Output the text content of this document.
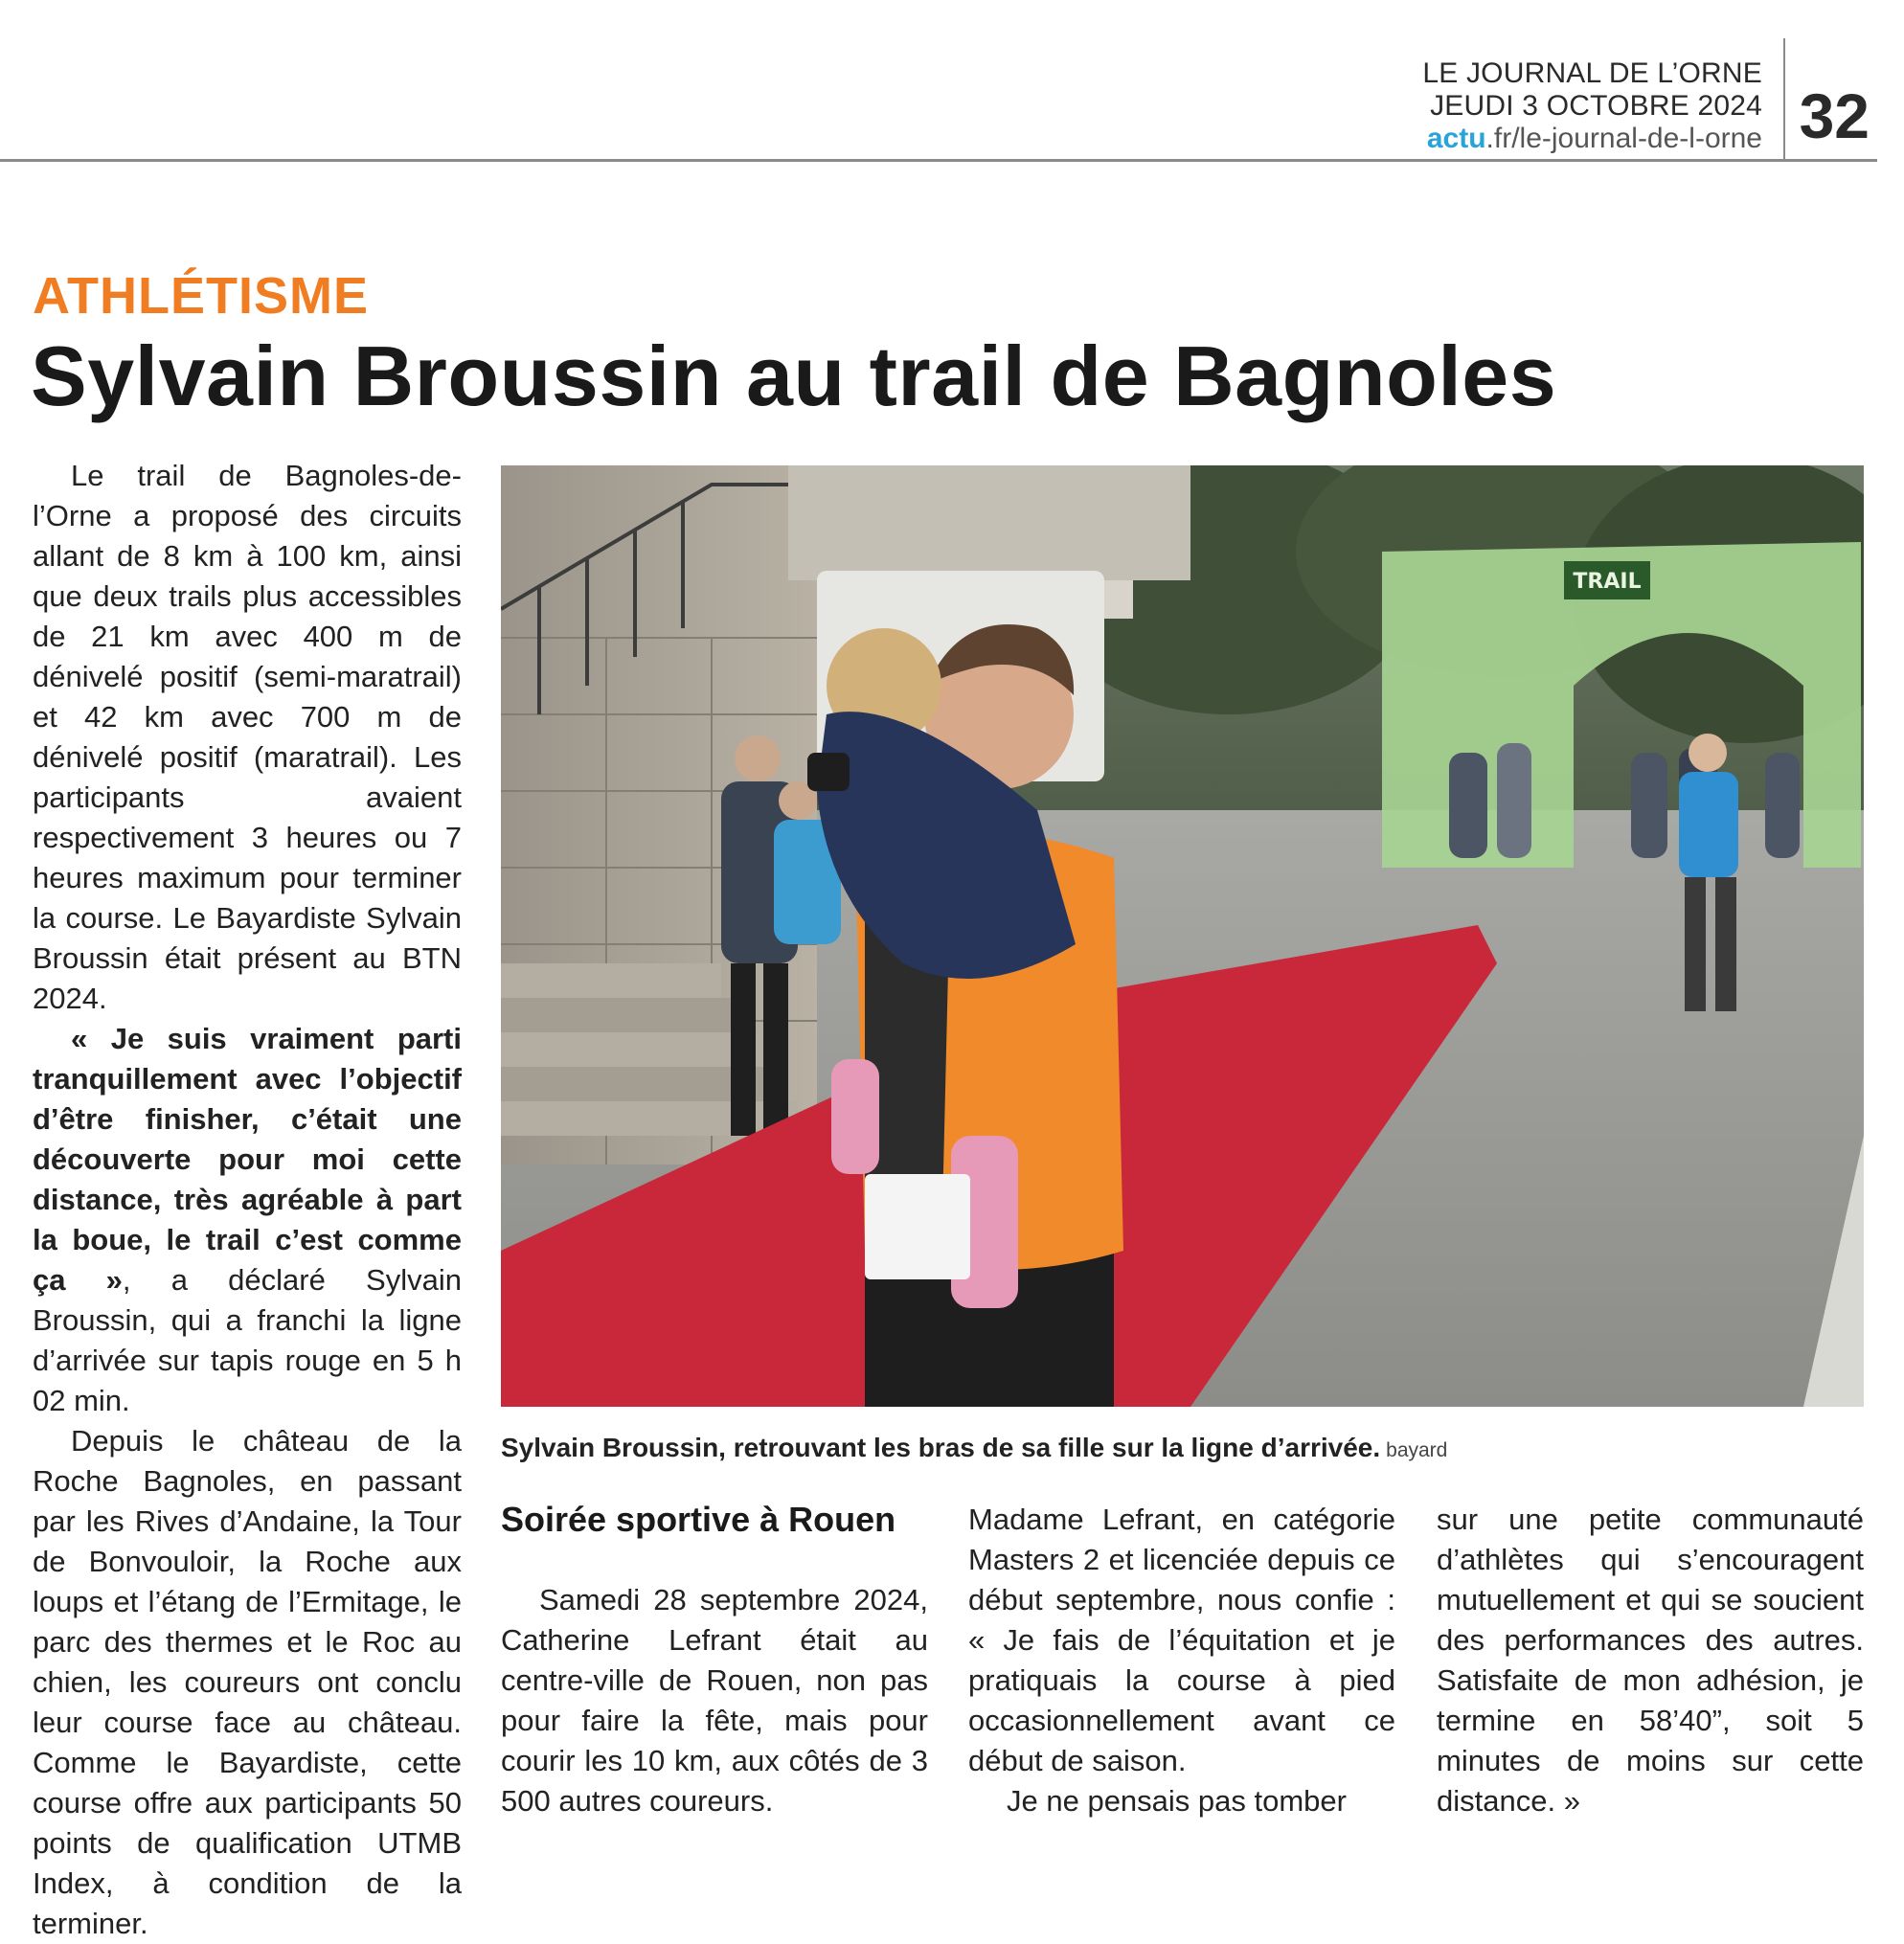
LE JOURNAL DE L’ORNE
JEUDI 3 OCTOBRE 2024
actu.fr/le-journal-de-l-orne 32
ATHLÉTISME
Sylvain Broussin au trail de Bagnoles

Le trail de Bagnoles-de-l’Orne a proposé des circuits allant de 8 km à 100 km, ainsi que deux trails plus accessibles de 21 km avec 400 m de dénivelé positif (semi-maratrail) et 42 km avec 700 m de dénivelé positif (maratrail). Les participants avaient respectivement 3 heures ou 7 heures maximum pour terminer la course. Le Bayardiste Sylvain Broussin était présent au BTN 2024.

« Je suis vraiment parti tranquillement avec l’objectif d’être finisher, c’était une découverte pour moi cette distance, très agréable à part la boue, le trail c’est comme ça », a déclaré Sylvain Broussin, qui a franchi la ligne d’arrivée sur tapis rouge en 5 h 02 min.

Depuis le château de la Roche Bagnoles, en passant par les Rives d’Andaine, la Tour de Bonvouloir, la Roche aux loups et l’étang de l’Ermitage, le parc des thermes et le Roc au chien, les coureurs ont conclu leur course face au château. Comme le Bayardiste, cette course offre aux participants 50 points de qualification UTMB Index, à condition de la terminer.

TRAIL
Sylvain Broussin, retrouvant les bras de sa fille sur la ligne d’arrivée. bayard
Soirée sportive à Rouen

Samedi 28 septembre 2024, Catherine Lefrant était au centre-ville de Rouen, non pas pour faire la fête, mais pour courir les 10 km, aux côtés de 3 500 autres coureurs.

Madame Lefrant, en catégorie Masters 2 et licenciée depuis ce début septembre, nous confie : « Je fais de l’équitation et je pratiquais la course à pied occasionnellement avant ce début de saison.

Je ne pensais pas tomber

sur une petite communauté d’athlètes qui s’encouragent mutuellement et qui se soucient des performances des autres. Satisfaite de mon adhésion, je termine en 58’40”, soit 5 minutes de moins sur cette distance. »
